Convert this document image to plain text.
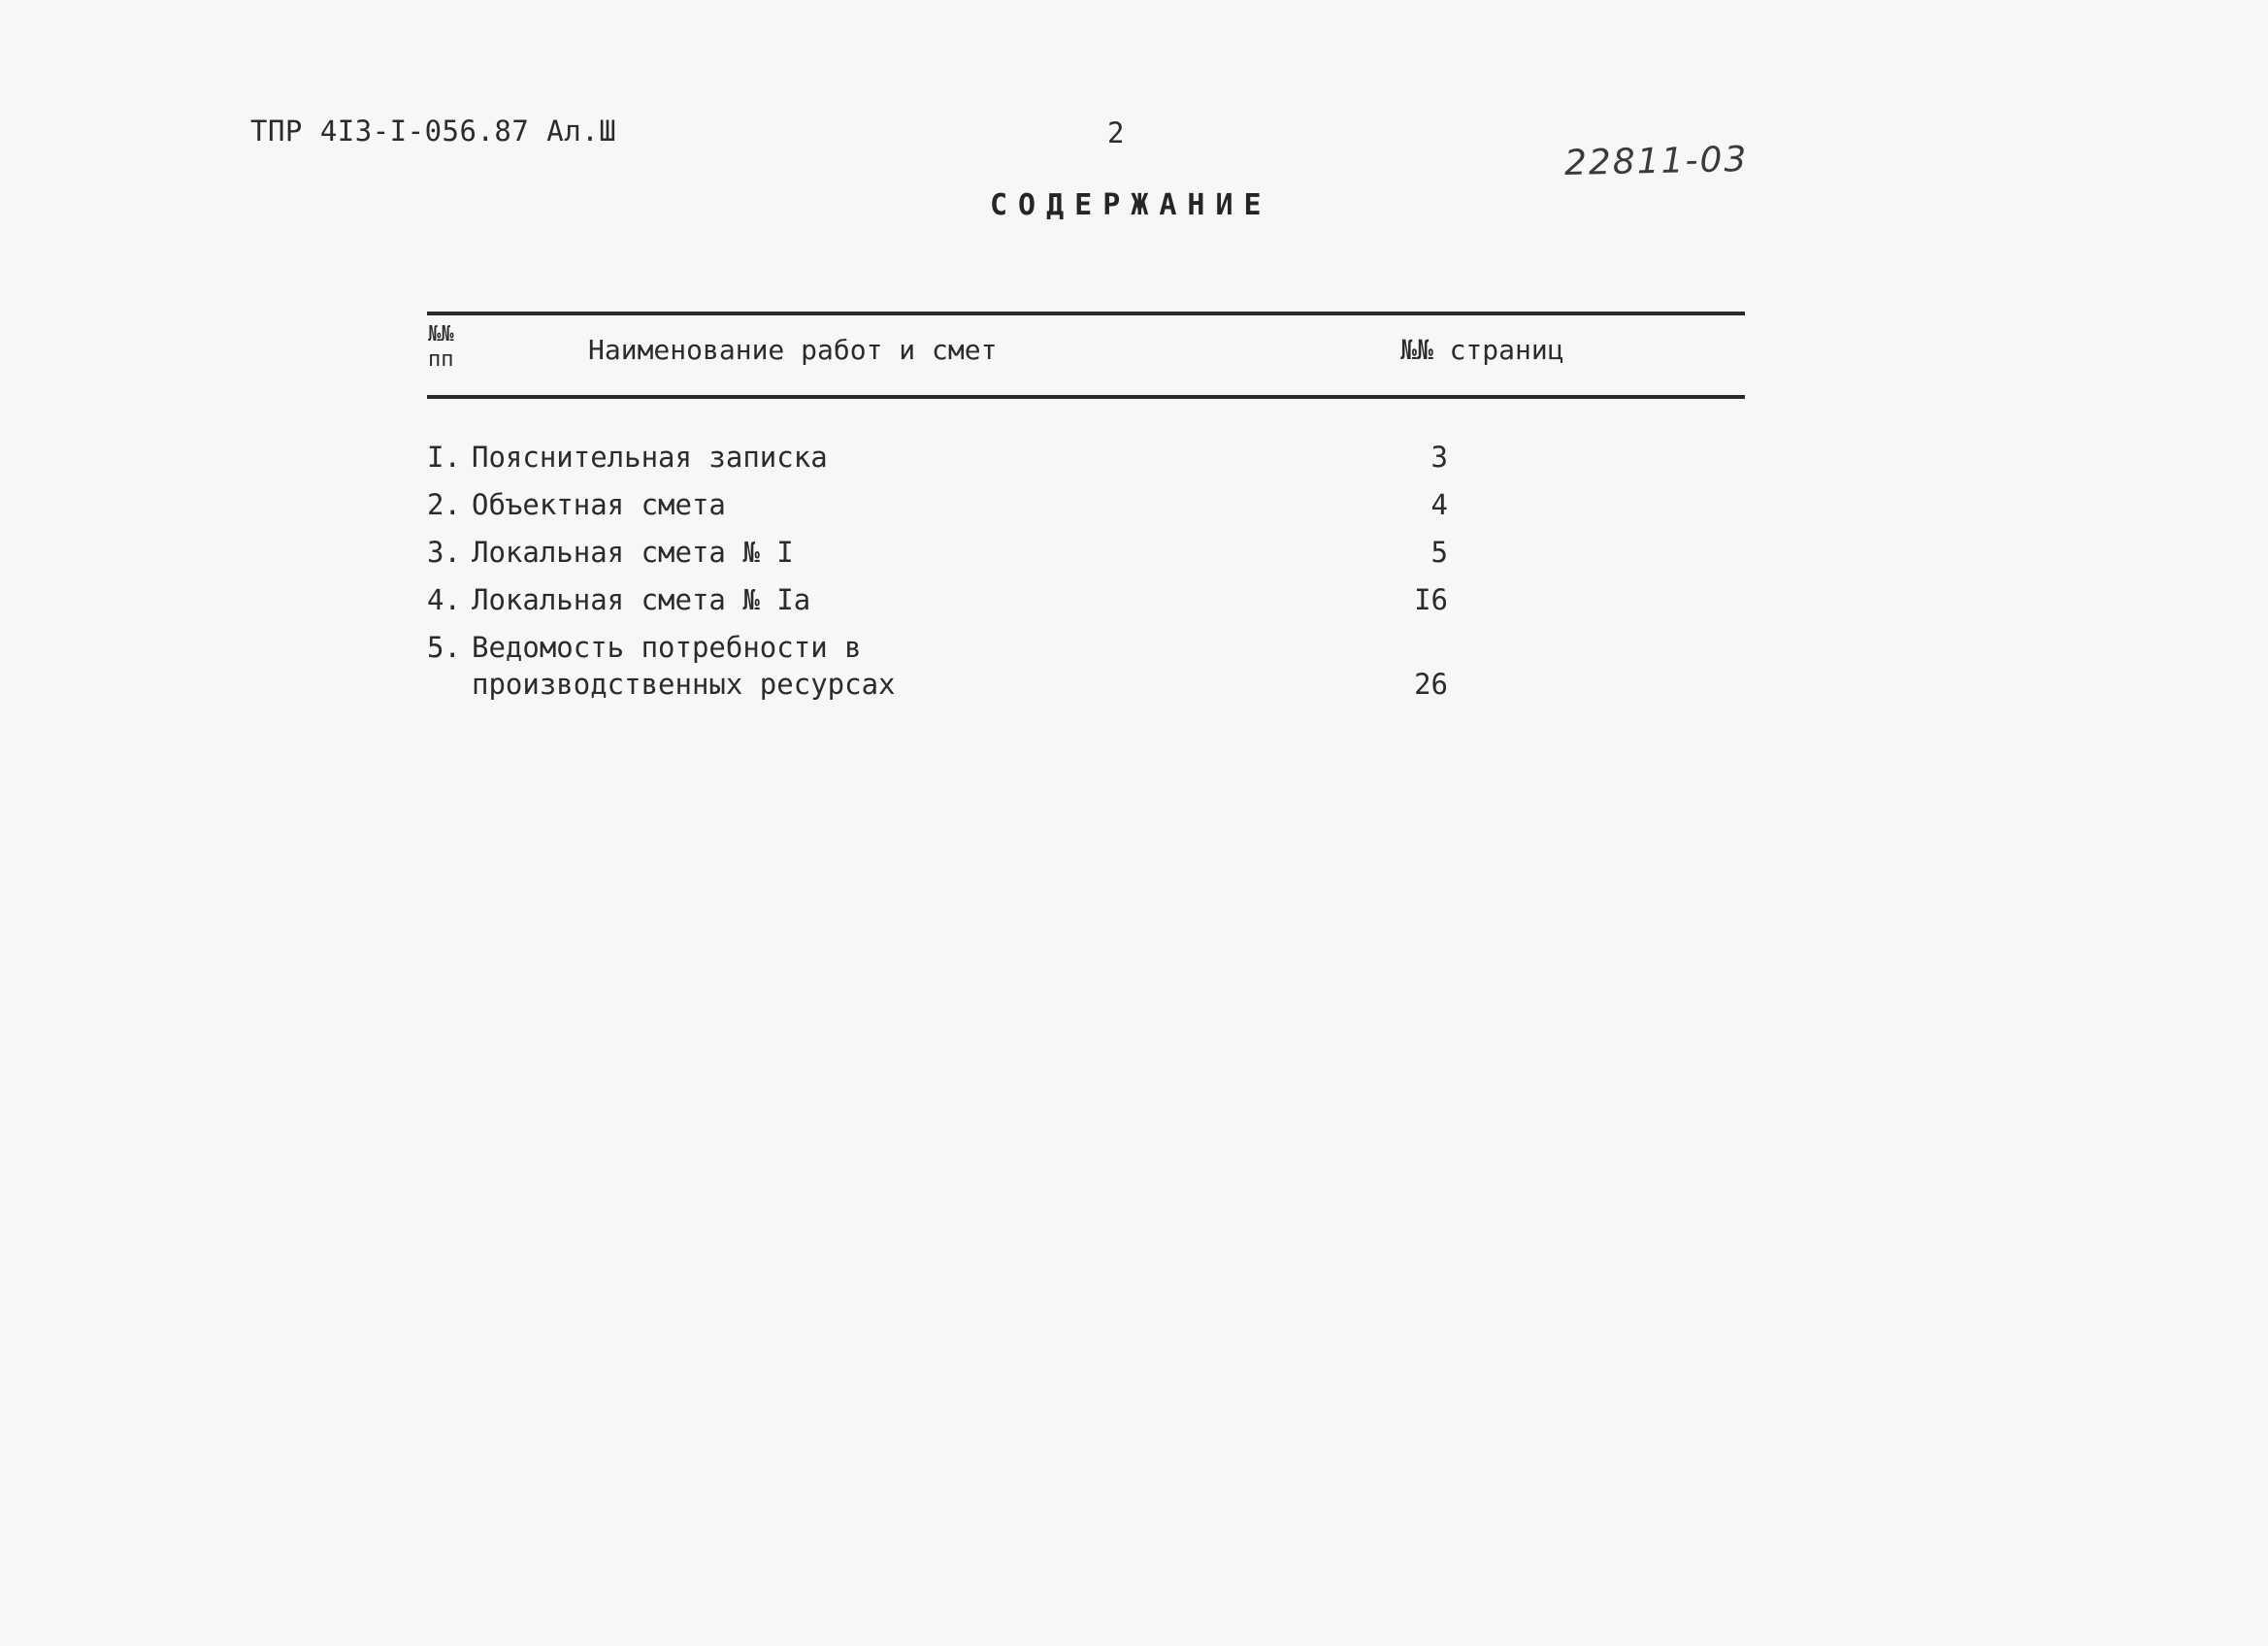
ТПР 4I3-I-056.87 Ал.Ш	2
22811-03
СОДЕРЖАНИЕ
№№
пп	Наименование работ и смет	№№ страниц
I. Пояснительная записка	3
2. Объектная смета	4
3. Локальная смета № I	5
4. Локальная смета № Iа	I6
5. Ведомость потребности в
производственных ресурсах	26
